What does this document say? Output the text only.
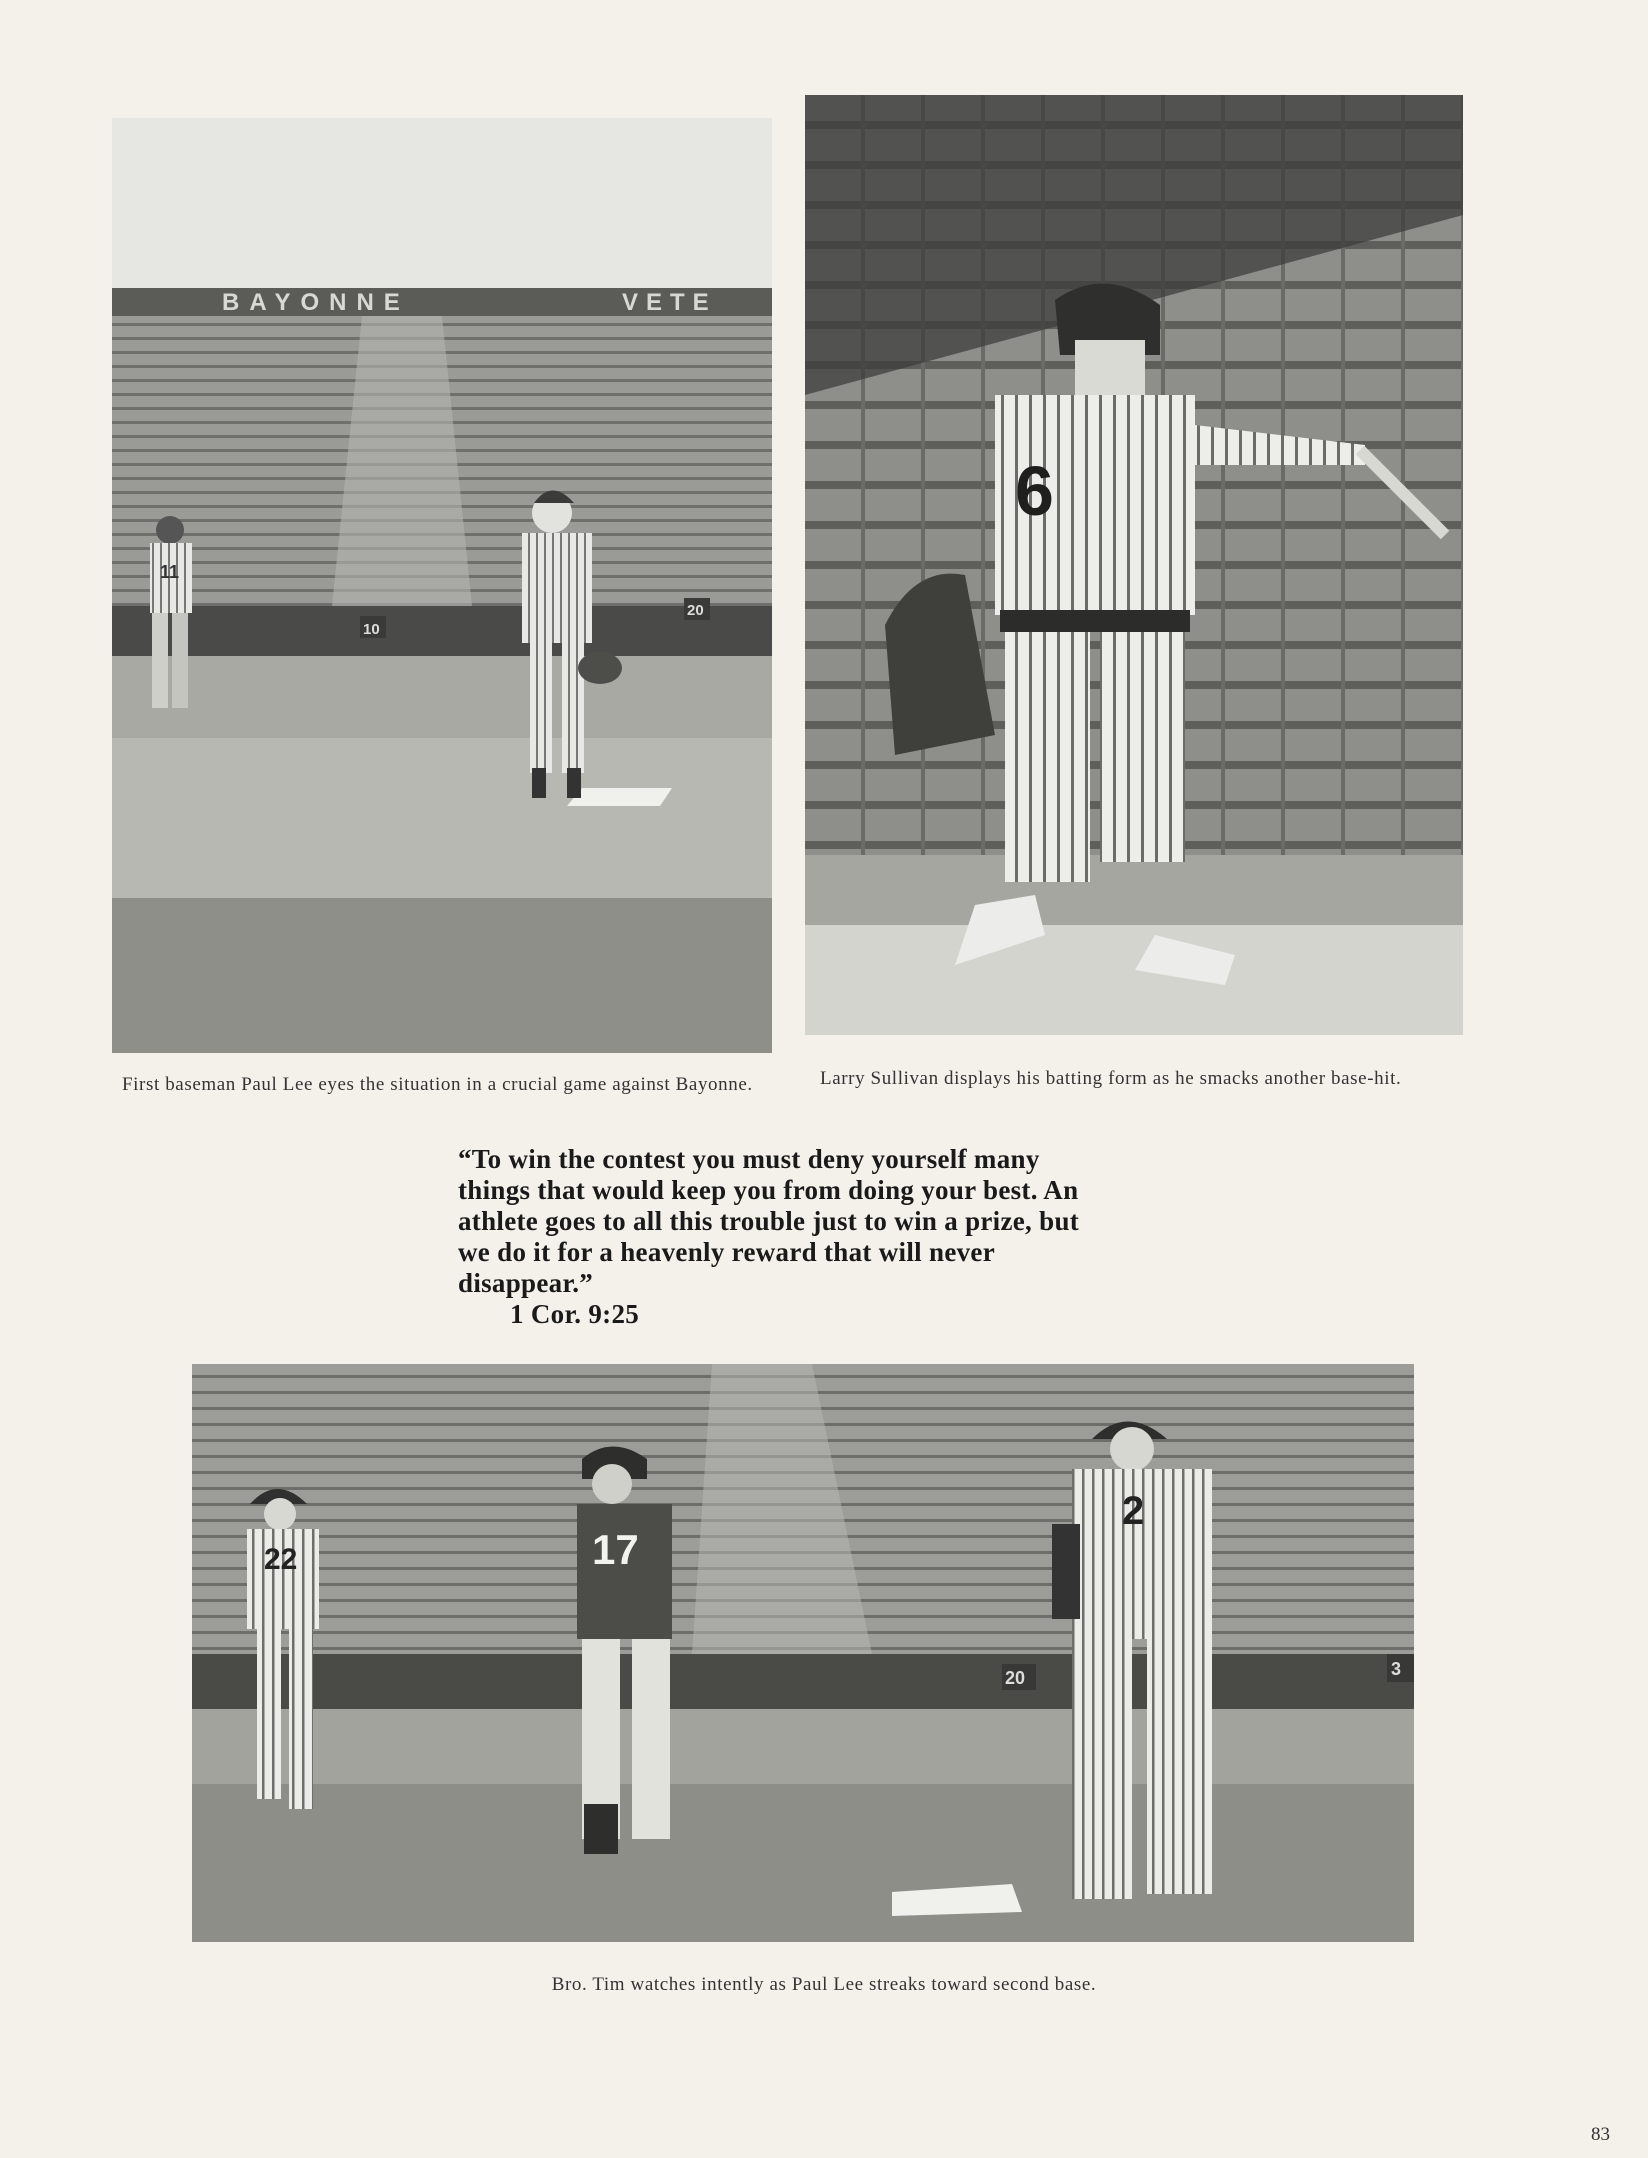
BAYONNE	VETE
10
20
11
6
First baseman Paul Lee eyes the situation in a crucial game against Bayonne.	Larry Sullivan displays his batting form as he smacks another base-hit.
“To win the contest you must deny yourself many
things that would keep you from doing your best. An
athlete goes to all this trouble just to win a prize, but
we do it for a heavenly reward that will never
disappear.”
1 Cor. 9:25
20	3
22	17
2
Bro. Tim watches intently as Paul Lee streaks toward second base.
83
